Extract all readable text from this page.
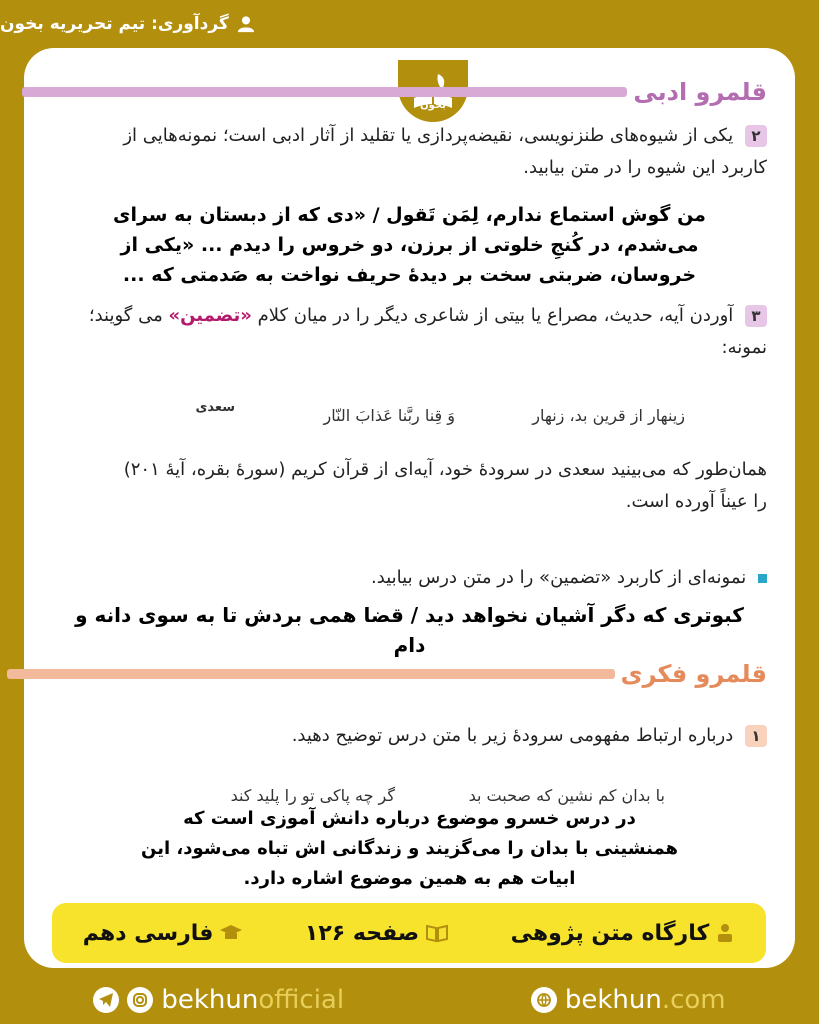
گردآوری: تیم تحریریه بخون
بخون	قلمرو ادبی
۲ یکی از شیوه‌های طنزنویسی، نقیضه‌پردازی یا تقلید از آثار ادبی است؛ نمونه‌هایی از
کاربرد این شیوه را در متن بیابید.
من گوش استماع ندارم، لِمَن تَقول / «دی که از دبستان به سرای
می‌شدم، در کُنجِ خلوتی از برزن، دو خروس را دیدم ... «یکی از
خروسان، ضربتی سخت بر دیدهٔ حریف نواخت به صَدمتی که ...
۳ آوردن آیه، حدیث، مصراع یا بیتی از شاعری دیگر را در میان کلام «تضمین» می گویند؛
نمونه:
زینهار از قرین بد، زنهار
وَ قِنا ربَّنا عَذابَ النّار
سعدی
همان‌طور که می‌بینید سعدی در سرودهٔ خود، آیه‌ای از قرآن کریم (سورهٔ بقره، آیهٔ ۲۰۱)
را عیناً آورده است.
نمونه‌ای از کاربرد «تضمین» را در متن درس بیابید.
کبوتری که دگر آشیان نخواهد دید / قضا همی بردش تا به سوی دانه و دام
قلمرو فکری
۱ درباره ارتباط مفهومی سرودهٔ زیر با متن درس توضیح دهید.
با بدان کم نشین که صحبت بد
گر چه پاکی تو را پلید کند
در درس خسرو موضوع درباره دانش آموزی است که
همنشینی با بدان را می‌گزیند و زندگانی اش تباه می‌شود، این
ابیات هم به همین موضوع اشاره دارد.
کارگاه متن پژوهی
صفحه ۱۲۶
فارسی دهم
bekhunofficial	bekhun.com
